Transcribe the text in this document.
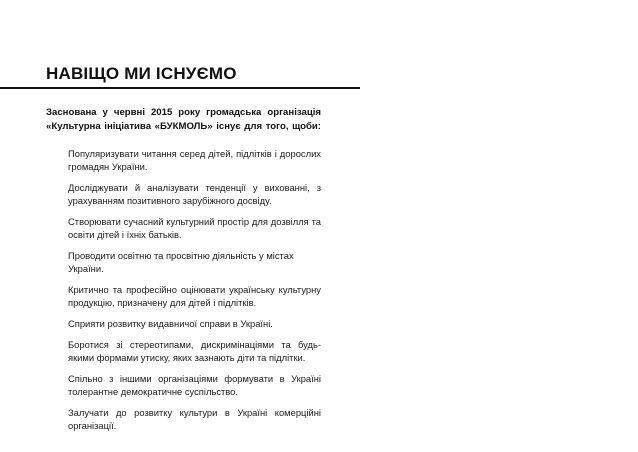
НАВІЩО МИ ІСНУЄМО

Заснована у червні 2015 року громадська організація «Культурна ініціатива «БУКМОЛЬ» існує для того, щоби:

Популяризувати читання серед дітей, підлітків і дорослих громадян України.
Досліджувати й аналізувати тенденції у вихованні, з урахуванням позитивного зарубіжного досвіду.
Створювати сучасний культурний простір для дозвілля та освіти дітей і їхніх батьків.
Проводити освітню та просвітню діяльність у містах України.
Критично та професійно оцінювати українську культурну продукцію, призначену для дітей і підлітків.
Сприяти розвитку видавничої справи в Україні.
Боротися зі стереотипами, дискримінаціями та будь-якими формами утиску, яких зазнають діти та підлітки.
Спільно з іншими організаціями формувати в Україні толерантне демократичне суспільство.
Залучати до розвитку культури в Україні комерційні організації.
